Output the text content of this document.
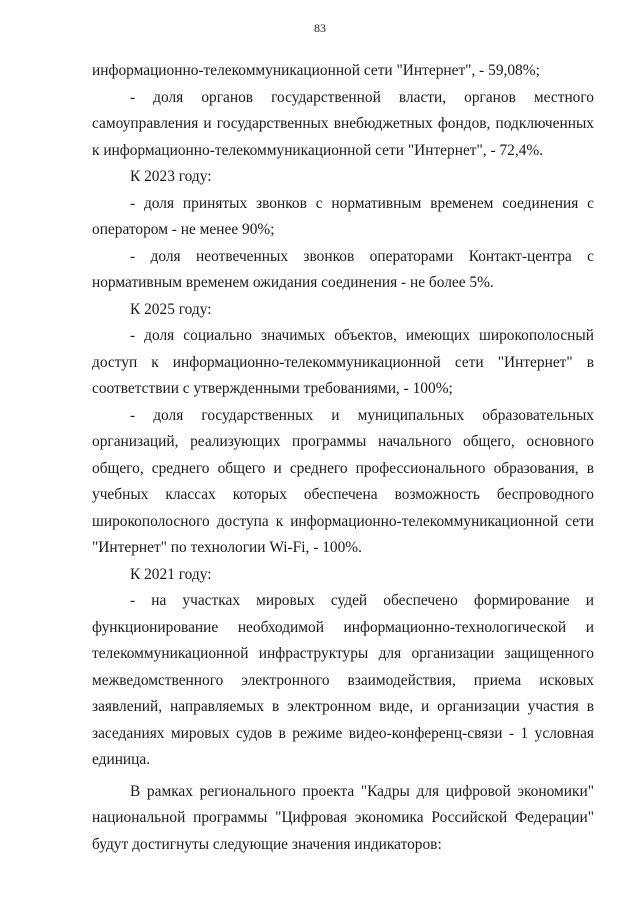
83

информационно-телекоммуникационной сети "Интернет", - 59,08%;

- доля органов государственной власти, органов местного самоуправления и государственных внебюджетных фондов, подключенных к информационно-телекоммуникационной сети "Интернет", - 72,4%.

К 2023 году:

- доля принятых звонков с нормативным временем соединения с оператором - не менее 90%;

- доля неотвеченных звонков операторами Контакт-центра с нормативным временем ожидания соединения - не более 5%.

К 2025 году:

- доля социально значимых объектов, имеющих широкополосный доступ к информационно-телекоммуникационной сети "Интернет" в соответствии с утвержденными требованиями, - 100%;

- доля государственных и муниципальных образовательных организаций, реализующих программы начального общего, основного общего, среднего общего и среднего профессионального образования, в учебных классах которых обеспечена возможность беспроводного широкополосного доступа к информационно-телекоммуникационной сети "Интернет" по технологии Wi-Fi, - 100%.

К 2021 году:

- на участках мировых судей обеспечено формирование и функционирование необходимой информационно-технологической и телекоммуникационной инфраструктуры для организации защищенного межведомственного электронного взаимодействия, приема исковых заявлений, направляемых в электронном виде, и организации участия в заседаниях мировых судов в режиме видео-конференц-связи - 1 условная единица.

В рамках регионального проекта "Кадры для цифровой экономики" национальной программы "Цифровая экономика Российской Федерации" будут достигнуты следующие значения индикаторов:
